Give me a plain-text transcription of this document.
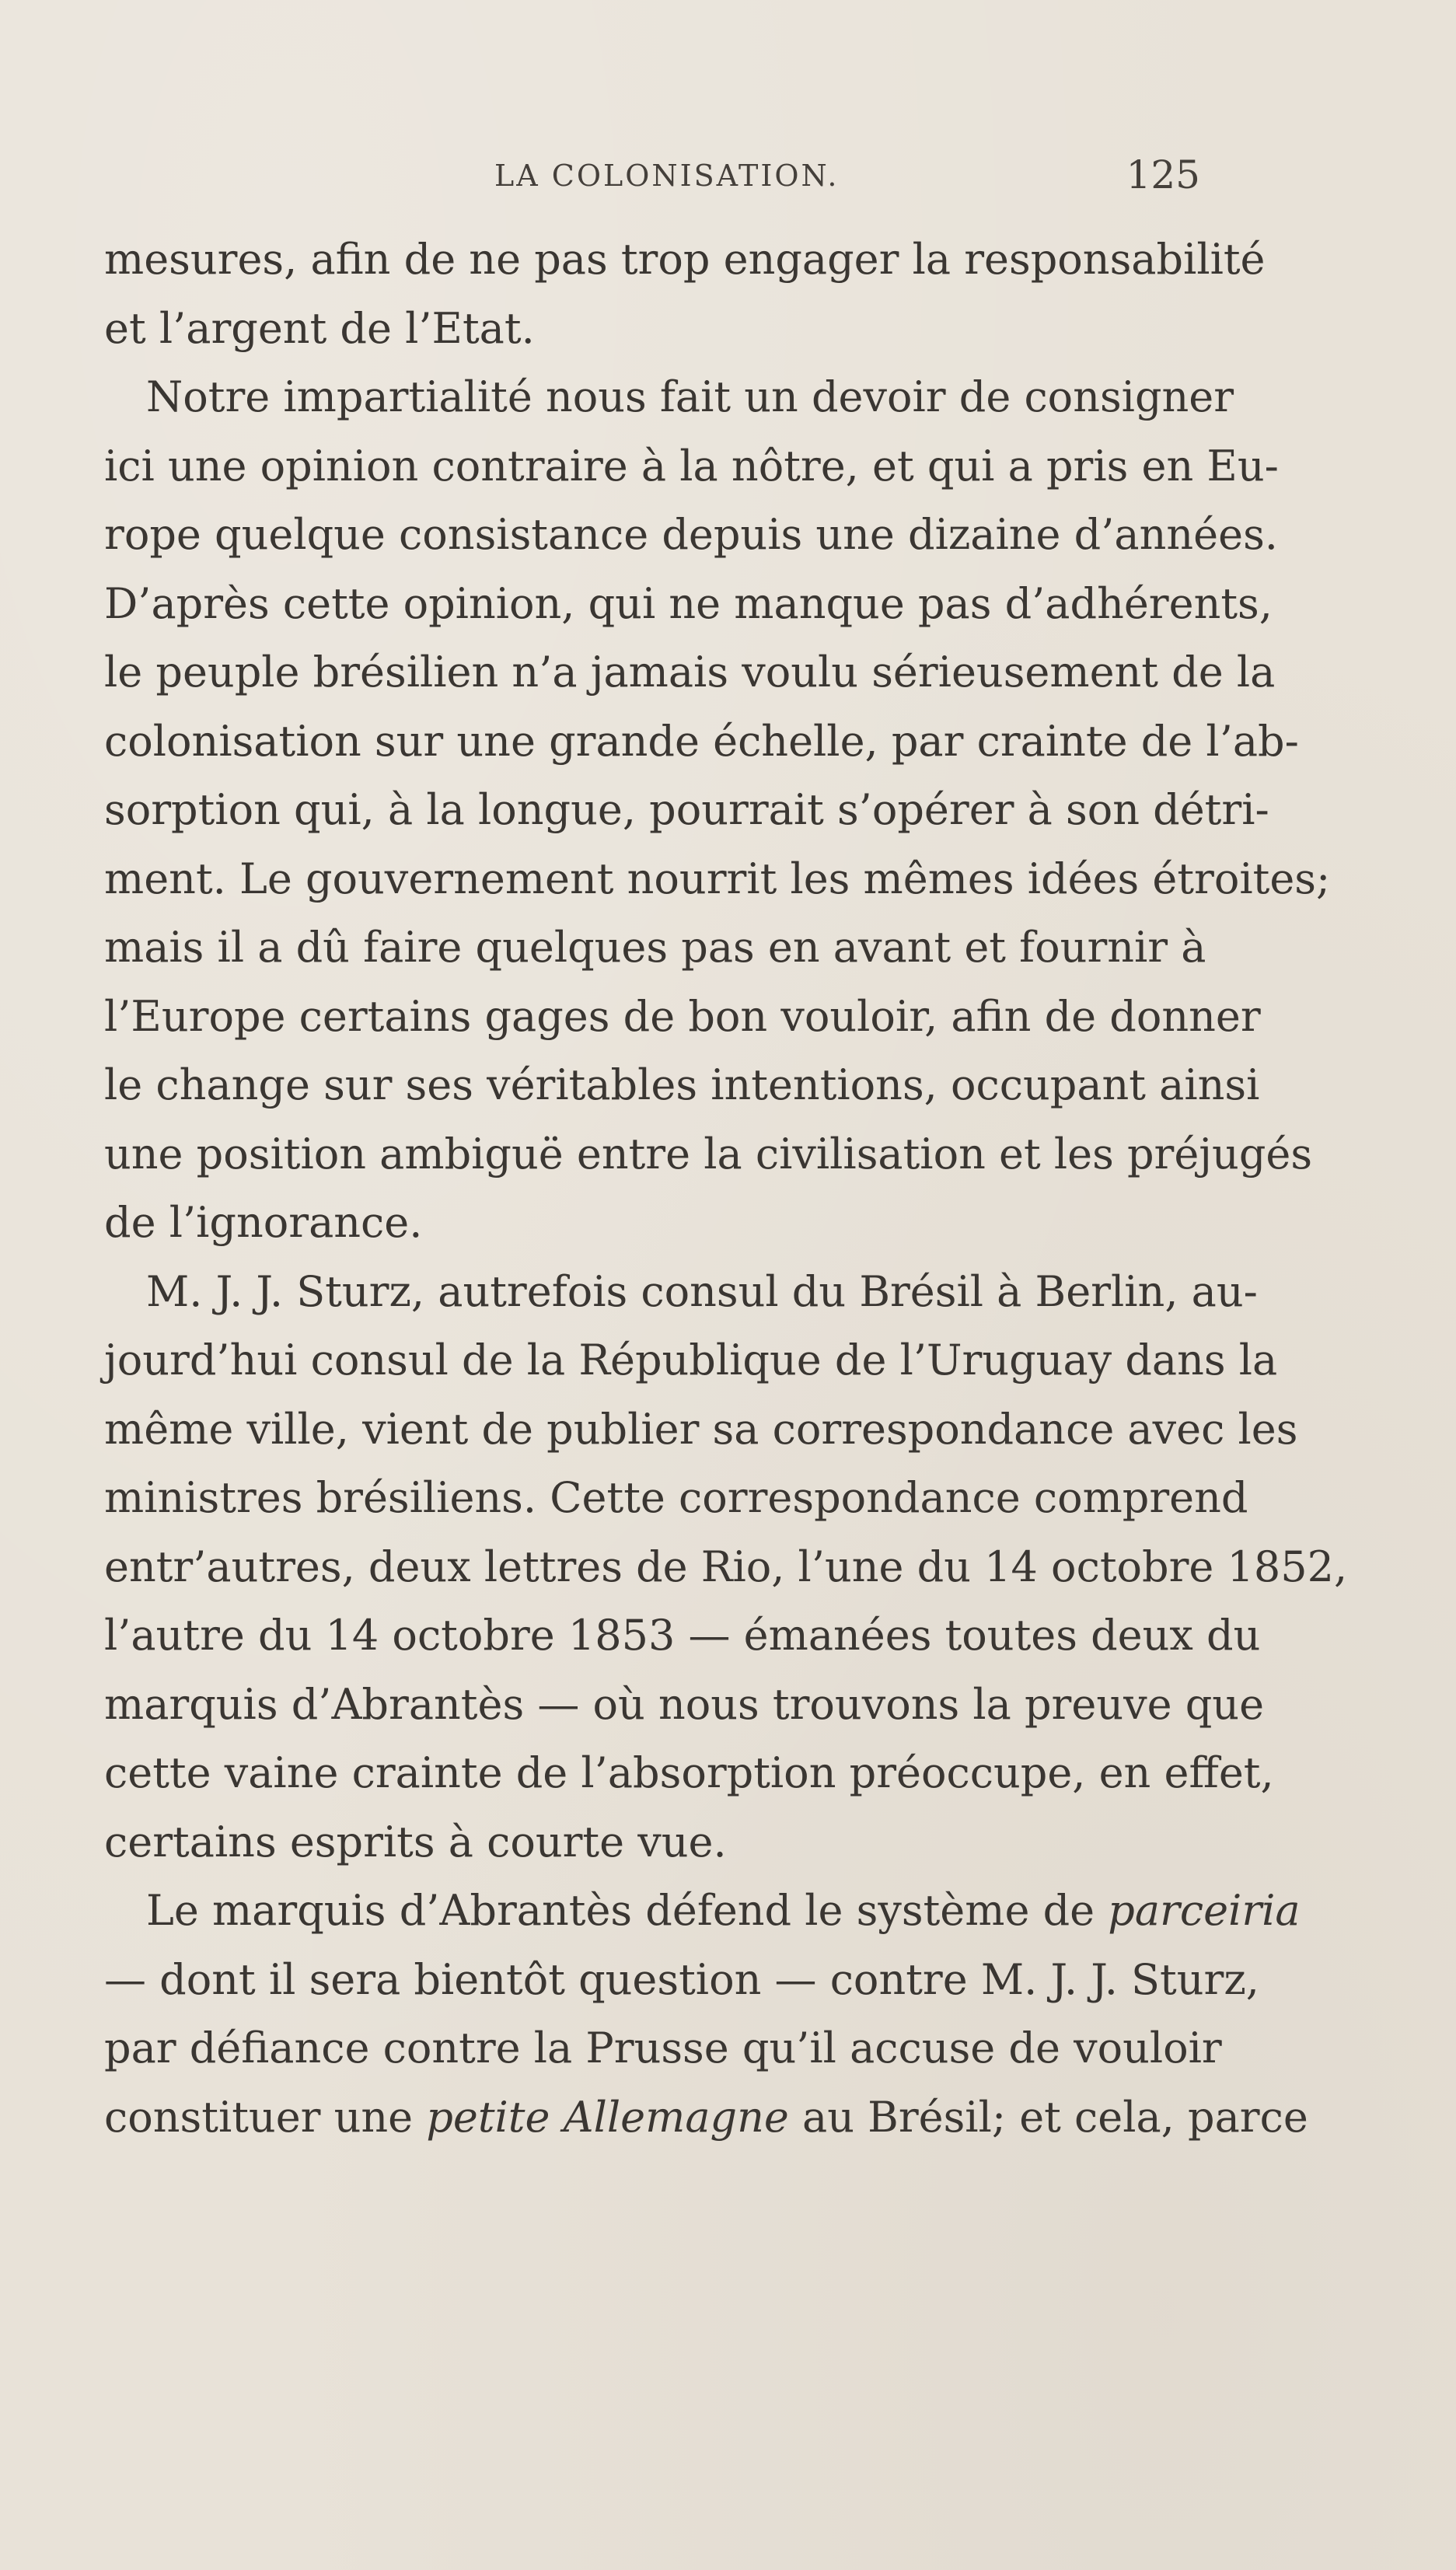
LA COLONISATION.	125
mesures, afin de ne pas trop engager la responsabilité
et l’argent de l’Etat.
Notre impartialité nous fait un devoir de consigner
ici une opinion contraire à la nôtre, et qui a pris en Eu-
rope quelque consistance depuis une dizaine d’années.
D’après cette opinion, qui ne manque pas d’adhérents,
le peuple brésilien n’a jamais voulu sérieusement de la
colonisation sur une grande échelle, par crainte de l’ab-
sorption qui, à la longue, pourrait s’opérer à son détri-
ment. Le gouvernement nourrit les mêmes idées étroites;
mais il a dû faire quelques pas en avant et fournir à
l’Europe certains gages de bon vouloir, afin de donner
le change sur ses véritables intentions, occupant ainsi
une position ambiguë entre la civilisation et les préjugés
de l’ignorance.
M. J. J. Sturz, autrefois consul du Brésil à Berlin, au-
jourd’hui consul de la République de l’Uruguay dans la
même ville, vient de publier sa correspondance avec les
ministres brésiliens. Cette correspondance comprend
entr’autres, deux lettres de Rio, l’une du 14 octobre 1852,
l’autre du 14 octobre 1853 — émanées toutes deux du
marquis d’Abrantès — où nous trouvons la preuve que
cette vaine crainte de l’absorption préoccupe, en effet,
certains esprits à courte vue.
Le marquis d’Abrantès défend le système de parceiria
— dont il sera bientôt question — contre M. J. J. Sturz,
par défiance contre la Prusse qu’il accuse de vouloir
constituer une petite Allemagne au Brésil; et cela, parce
